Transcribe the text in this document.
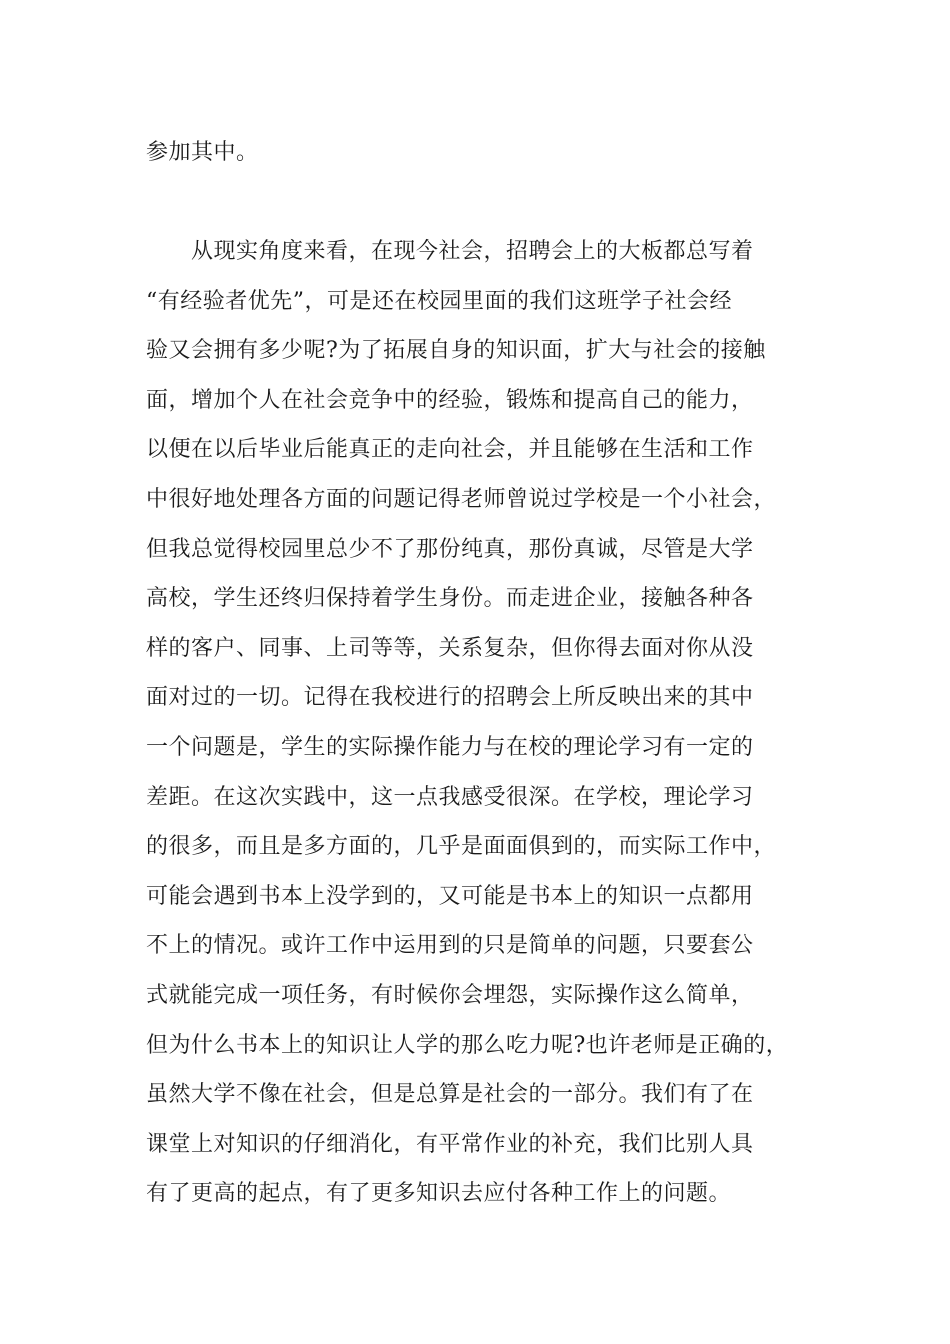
参加其中。
　　从现实角度来看，在现今社会，招聘会上的大板都总写着
“有经验者优先”，可是还在校园里面的我们这班学子社会经
验又会拥有多少呢?为了拓展自身的知识面，扩大与社会的接触
面，增加个人在社会竞争中的经验，锻炼和提高自己的能力，
以便在以后毕业后能真正的走向社会，并且能够在生活和工作
中很好地处理各方面的问题记得老师曾说过学校是一个小社会，
但我总觉得校园里总少不了那份纯真，那份真诚，尽管是大学
高校，学生还终归保持着学生身份。而走进企业，接触各种各
样的客户、同事、上司等等，关系复杂，但你得去面对你从没
面对过的一切。记得在我校进行的招聘会上所反映出来的其中
一个问题是，学生的实际操作能力与在校的理论学习有一定的
差距。在这次实践中，这一点我感受很深。在学校，理论学习
的很多，而且是多方面的，几乎是面面俱到的，而实际工作中，
可能会遇到书本上没学到的，又可能是书本上的知识一点都用
不上的情况。或许工作中运用到的只是简单的问题，只要套公
式就能完成一项任务，有时候你会埋怨，实际操作这么简单，
但为什么书本上的知识让人学的那么吃力呢?也许老师是正确的，
虽然大学不像在社会，但是总算是社会的一部分。我们有了在
课堂上对知识的仔细消化，有平常作业的补充，我们比别人具
有了更高的起点，有了更多知识去应付各种工作上的问题。
